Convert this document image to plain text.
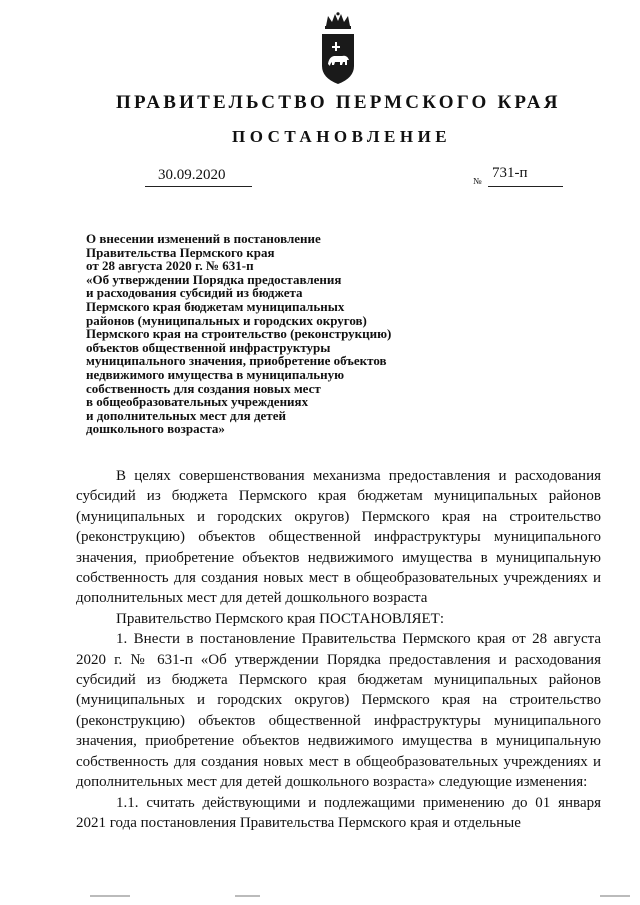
ПРАВИТЕЛЬСТВО ПЕРМСКОГО КРАЯ
ПОСТАНОВЛЕНИЕ
30.09.2020	№ 731-п
О внесении изменений в постановление
Правительства Пермского края
от 28 августа 2020 г. № 631-п
«Об утверждении Порядка предоставления
и расходования субсидий из бюджета
Пермского края бюджетам муниципальных
районов (муниципальных и городских округов)
Пермского края на строительство (реконструкцию)
объектов общественной инфраструктуры
муниципального значения, приобретение объектов
недвижимого имущества в муниципальную
собственность для создания новых мест
в общеобразовательных учреждениях
и дополнительных мест для детей
дошкольного возраста»

В целях совершенствования механизма предоставления и расходования субсидий из бюджета Пермского края бюджетам муниципальных районов (муниципальных и городских округов) Пермского края на строительство (реконструкцию) объектов общественной инфраструктуры муниципального значения, приобретение объектов недвижимого имущества в муниципальную собственность для создания новых мест в общеобразовательных учреждениях и дополнительных мест для детей дошкольного возраста

Правительство Пермского края ПОСТАНОВЛЯЕТ:

1. Внести в постановление Правительства Пермского края от 28 августа 2020 г. № 631-п «Об утверждении Порядка предоставления и расходования субсидий из бюджета Пермского края бюджетам муниципальных районов (муниципальных и городских округов) Пермского края на строительство (реконструкцию) объектов общественной инфраструктуры муниципального значения, приобретение объектов недвижимого имущества в муниципальную собственность для создания новых мест в общеобразовательных учреждениях и дополнительных мест для детей дошкольного возраста» следующие изменения:

1.1. считать действующими и подлежащими применению до 01 января 2021 года постановления Правительства Пермского края и отдельные
